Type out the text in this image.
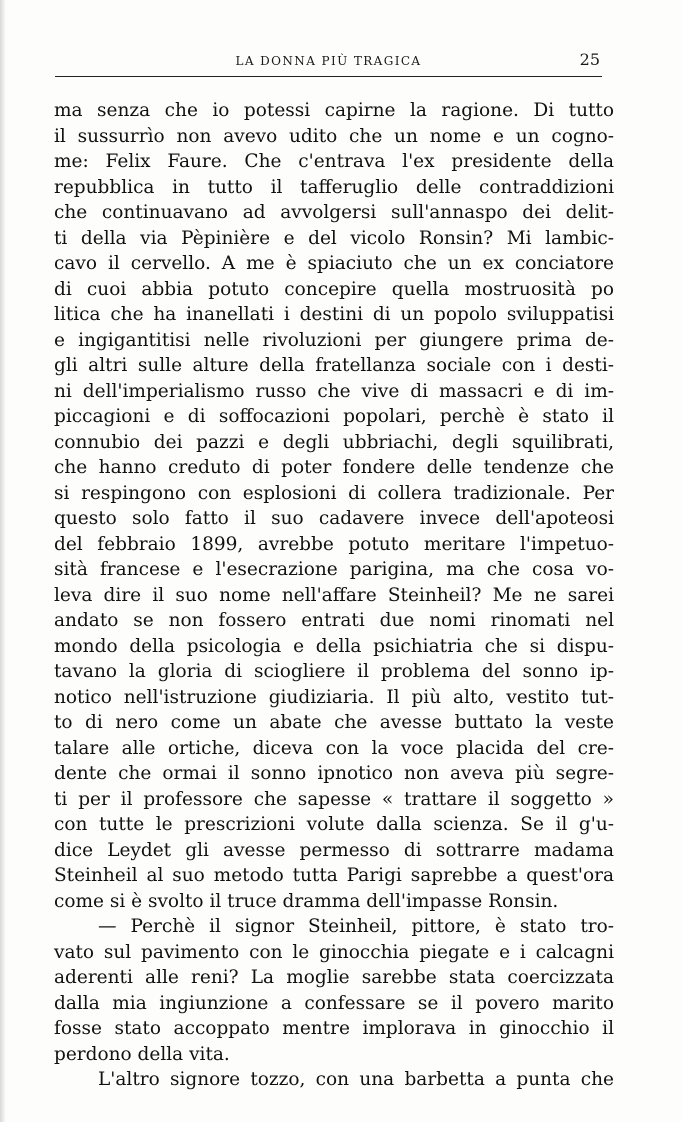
LA DONNA PIÙ TRAGICA	25
ma senza che io potessi capirne la ragione. Di tutto
il sussurrìo non avevo udito che un nome e un cogno-
me: Felix Faure. Che c'entrava l'ex presidente della
repubblica in tutto il tafferuglio delle contraddizioni
che continuavano ad avvolgersi sull'annaspo dei delit-
ti della via Pèpinière e del vicolo Ronsin? Mi lambic-
cavo il cervello. A me è spiaciuto che un ex conciatore
di cuoi abbia potuto concepire quella mostruosità po
litica che ha inanellati i destini di un popolo sviluppatisi
e ingigantitisi nelle rivoluzioni per giungere prima de-
gli altri sulle alture della fratellanza sociale con i desti-
ni dell'imperialismo russo che vive di massacri e di im-
piccagioni e di soffocazioni popolari, perchè è stato il
connubio dei pazzi e degli ubbriachi, degli squilibrati,
che hanno creduto di poter fondere delle tendenze che
si respingono con esplosioni di collera tradizionale. Per
questo solo fatto il suo cadavere invece dell'apoteosi
del febbraio 1899, avrebbe potuto meritare l'impetuo-
sità francese e l'esecrazione parigina, ma che cosa vo-
leva dire il suo nome nell'affare Steinheil? Me ne sarei
andato se non fossero entrati due nomi rinomati nel
mondo della psicologia e della psichiatria che si dispu-
tavano la gloria di sciogliere il problema del sonno ip-
notico nell'istruzione giudiziaria. Il più alto, vestito tut-
to di nero come un abate che avesse buttato la veste
talare alle ortiche, diceva con la voce placida del cre-
dente che ormai il sonno ipnotico non aveva più segre-
ti per il professore che sapesse « trattare il soggetto »
con tutte le prescrizioni volute dalla scienza. Se il g'u-
dice Leydet gli avesse permesso di sottrarre madama
Steinheil al suo metodo tutta Parigi saprebbe a quest'ora
come si è svolto il truce dramma dell'impasse Ronsin.
— Perchè il signor Steinheil, pittore, è stato tro-
vato sul pavimento con le ginocchia piegate e i calcagni
aderenti alle reni? La moglie sarebbe stata coercizzata
dalla mia ingiunzione a confessare se il povero marito
fosse stato accoppato mentre implorava in ginocchio il
perdono della vita.
L'altro signore tozzo, con una barbetta a punta che
